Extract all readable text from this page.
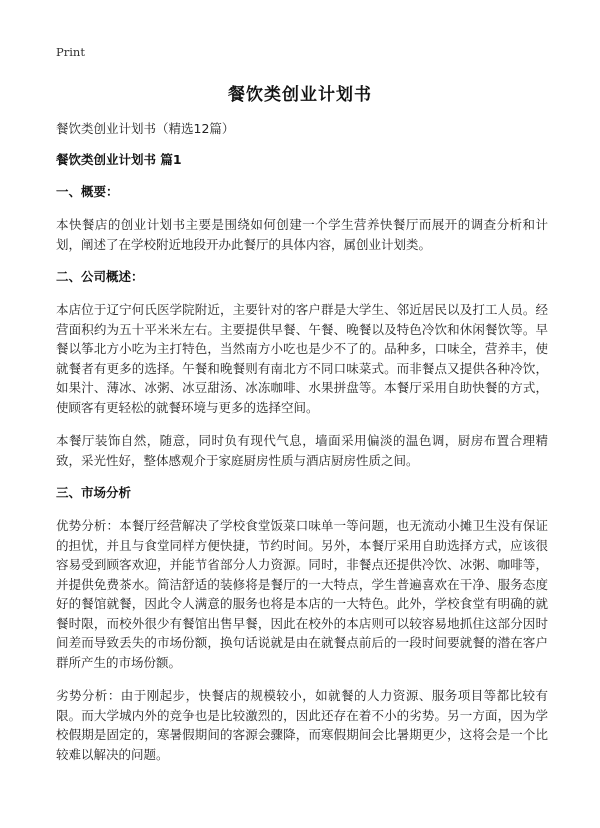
Print
餐饮类创业计划书

餐饮类创业计划书（精选12篇）

餐饮类创业计划书 篇1

一、概要：

本快餐店的创业计划书主要是围绕如何创建一个学生营养快餐厅而展开的调查分析和计划，阐述了在学校附近地段开办此餐厅的具体内容，属创业计划类。

二、公司概述：

本店位于辽宁何氏医学院附近，主要针对的客户群是大学生、邻近居民以及打工人员。经营面积约为五十平米米左右。主要提供早餐、午餐、晚餐以及特色冷饮和休闲餐饮等。早餐以筝北方小吃为主打特色，当然南方小吃也是少不了的。品种多，口味全，营养丰，使就餐者有更多的选择。午餐和晚餐则有南北方不同口味菜式。而非餐点又提供各种冷饮，如果汁、薄冰、冰粥、冰豆甜汤、冰冻咖啡、水果拼盘等。本餐厅采用自助快餐的方式，使顾客有更轻松的就餐环境与更多的选择空间。

本餐厅装饰自然，随意，同时负有现代气息，墙面采用偏淡的温色调，厨房布置合理精致，采光性好，整体感观介于家庭厨房性质与酒店厨房性质之间。

三、市场分析

优势分析：本餐厅经营解决了学校食堂饭菜口味单一等问题，也无流动小摊卫生没有保证的担忧，并且与食堂同样方便快捷，节约时间。另外，本餐厅采用自助选择方式，应该很容易受到顾客欢迎，并能节省部分人力资源。同时，非餐点还提供冷饮、冰粥、咖啡等，并提供免费茶水。简洁舒适的装修将是餐厅的一大特点，学生普遍喜欢在干净、服务态度好的餐馆就餐，因此令人满意的服务也将是本店的一大特色。此外，学校食堂有明确的就餐时限，而校外很少有餐馆出售早餐，因此在校外的本店则可以较容易地抓住这部分因时间差而导致丢失的市场份额，换句话说就是由在就餐点前后的一段时间要就餐的潜在客户群所产生的市场份额。

劣势分析：由于刚起步，快餐店的规模较小，如就餐的人力资源、服务项目等都比较有限。而大学城内外的竞争也是比较激烈的，因此还存在着不小的劣势。另一方面，因为学校假期是固定的，寒暑假期间的客源会骤降，而寒假期间会比暑期更少，这将会是一个比较难以解决的问题。
